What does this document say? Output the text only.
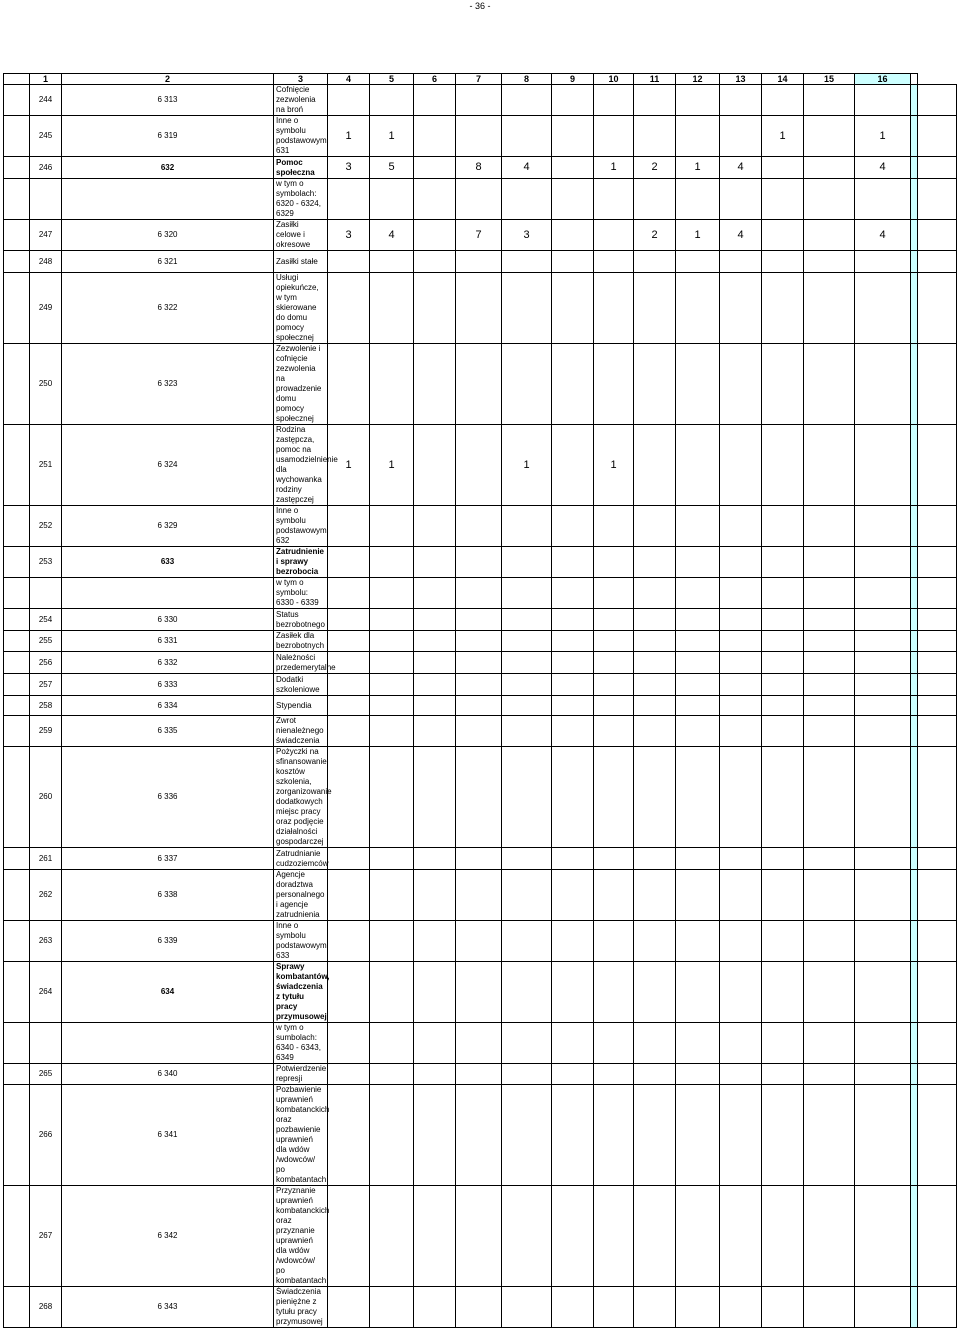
- 36 -
	1	2	3	4	5	6	7	8	9	10	11	12	13	14	15	16		
	244	6 313	Cofnięcie zezwolenia na broń															
	245	6 319	Inne o symbolu podstawowym 631	1	1									1		1		
	246	632	Pomoc społeczna	3	5		8	4		1	2	1	4			4		
			w tym o symbolach: 6320 - 6324, 6329															
	247	6 320	Zasiłki celowe i okresowe	3	4		7	3			2	1	4			4		
	248	6 321	Zasiłki stałe															
	249	6 322	Usługi opiekuńcze, w tym skierowane do domu pomocy społecznej															
	250	6 323	Zezwolenie i cofnięcie zezwolenia na prowadzenie domu pomocy społecznej															
	251	6 324	Rodzina zastępcza, pomoc na usamodzielnienie dla wychowanka rodziny zastępczej	1	1			1		1								
	252	6 329	Inne o symbolu podstawowym 632															
	253	633	Zatrudnienie i sprawy bezrobocia															
			w tym o symbolu: 6330 - 6339															
	254	6 330	Status bezrobotnego															
	255	6 331	Zasiłek dla bezrobotnych															
	256	6 332	Należności przedemerytalne															
	257	6 333	Dodatki szkoleniowe															
	258	6 334	Stypendia															
	259	6 335	Zwrot nienależnego świadczenia															
	260	6 336	Pożyczki na sfinansowanie kosztów szkolenia, zorganizowanie dodatkowych miejsc pracy oraz podjęcie działalności gospodarczej															
	261	6 337	Zatrudnianie cudzoziemców															
	262	6 338	Agencje doradztwa personalnego i agencje zatrudnienia															
	263	6 339	Inne o symbolu podstawowym 633															
	264	634	Sprawy kombatantów, świadczenia z tytułu pracy przymusowej															
			w tym o sumbolach: 6340 - 6343, 6349															
	265	6 340	Potwierdzenie represji															
	266	6 341	Pozbawienie uprawnień kombatanckich oraz pozbawienie uprawnień dla wdów /wdowców/ po kombatantach															
	267	6 342	Przyznanie uprawnień kombatanckich oraz przyznanie uprawnień dla wdów /wdowców/ po kombatantach															
	268	6 343	Świadczenia pieniężne z tytułu pracy przymusowej															
